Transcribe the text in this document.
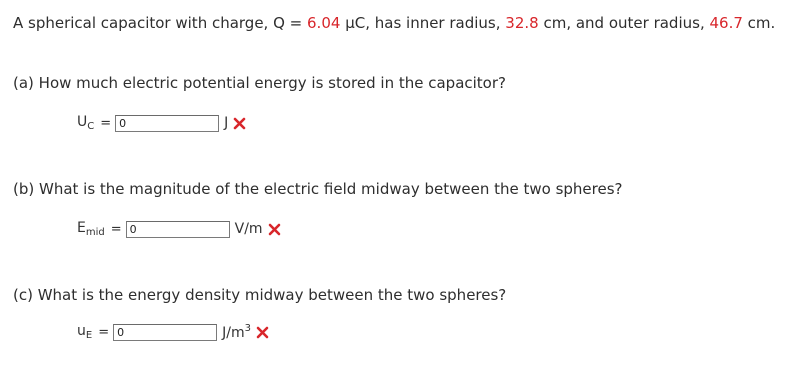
A spherical capacitor with charge, Q = 6.04 μC, has inner radius, 32.8 cm, and outer radius, 46.7 cm.
(a) How much electric potential energy is stored in the capacitor?
$U_C$ =
0	J
(b) What is the magnitude of the electric field midway between the two spheres?
$E_{mid}$ =
0	V/m
(c) What is the energy density midway between the two spheres?
$u_E$ =
0	$J/m^3$
